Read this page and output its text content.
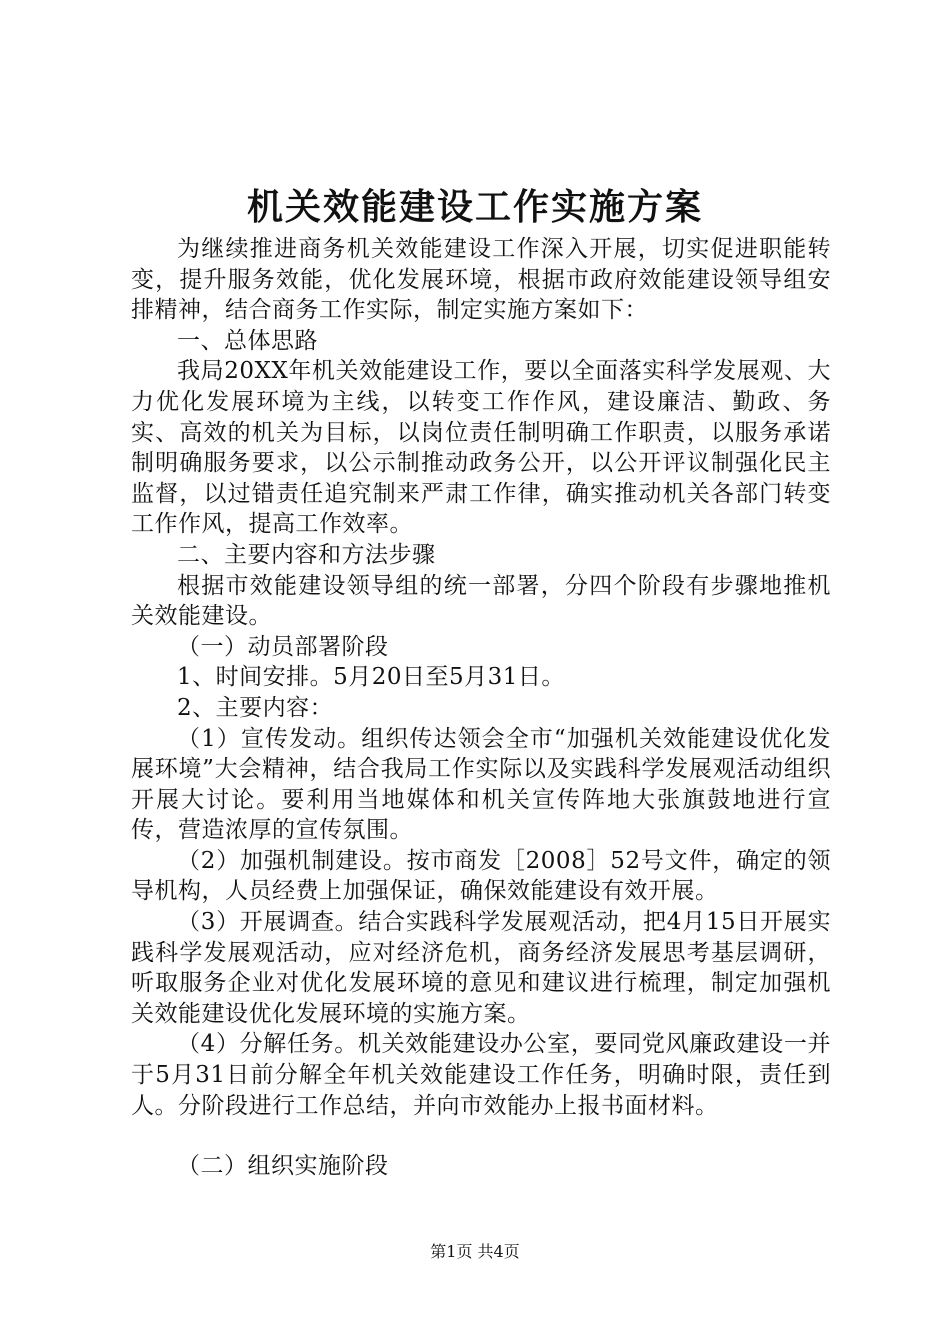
机关效能建设工作实施方案

为继续推进商务机关效能建设工作深入开展，切实促进职能转变，提升服务效能，优化发展环境，根据市政府效能建设领导组安排精神，结合商务工作实际，制定实施方案如下：

一、总体思路

我局20XX年机关效能建设工作，要以全面落实科学发展观、大力优化发展环境为主线，以转变工作作风，建设廉洁、勤政、务实、高效的机关为目标，以岗位责任制明确工作职责，以服务承诺制明确服务要求，以公示制推动政务公开，以公开评议制强化民主监督，以过错责任追究制来严肃工作律，确实推动机关各部门转变工作作风，提高工作效率。

二、主要内容和方法步骤

根据市效能建设领导组的统一部署，分四个阶段有步骤地推机关效能建设。

（一）动员部署阶段

1、时间安排。5月20日至5月31日。

2、主要内容：

（1）宣传发动。组织传达领会全市“加强机关效能建设优化发展环境”大会精神，结合我局工作实际以及实践科学发展观活动组织开展大讨论。要利用当地媒体和机关宣传阵地大张旗鼓地进行宣传，营造浓厚的宣传氛围。

（2）加强机制建设。按市商发［2008］52号文件，确定的领导机构，人员经费上加强保证，确保效能建设有效开展。

（3）开展调查。结合实践科学发展观活动，把4月15日开展实践科学发展观活动，应对经济危机，商务经济发展思考基层调研，听取服务企业对优化发展环境的意见和建议进行梳理，制定加强机关效能建设优化发展环境的实施方案。

（4）分解任务。机关效能建设办公室，要同党风廉政建设一并于5月31日前分解全年机关效能建设工作任务，明确时限，责任到人。分阶段进行工作总结，并向市效能办上报书面材料。

（二）组织实施阶段

第1页 共4页
